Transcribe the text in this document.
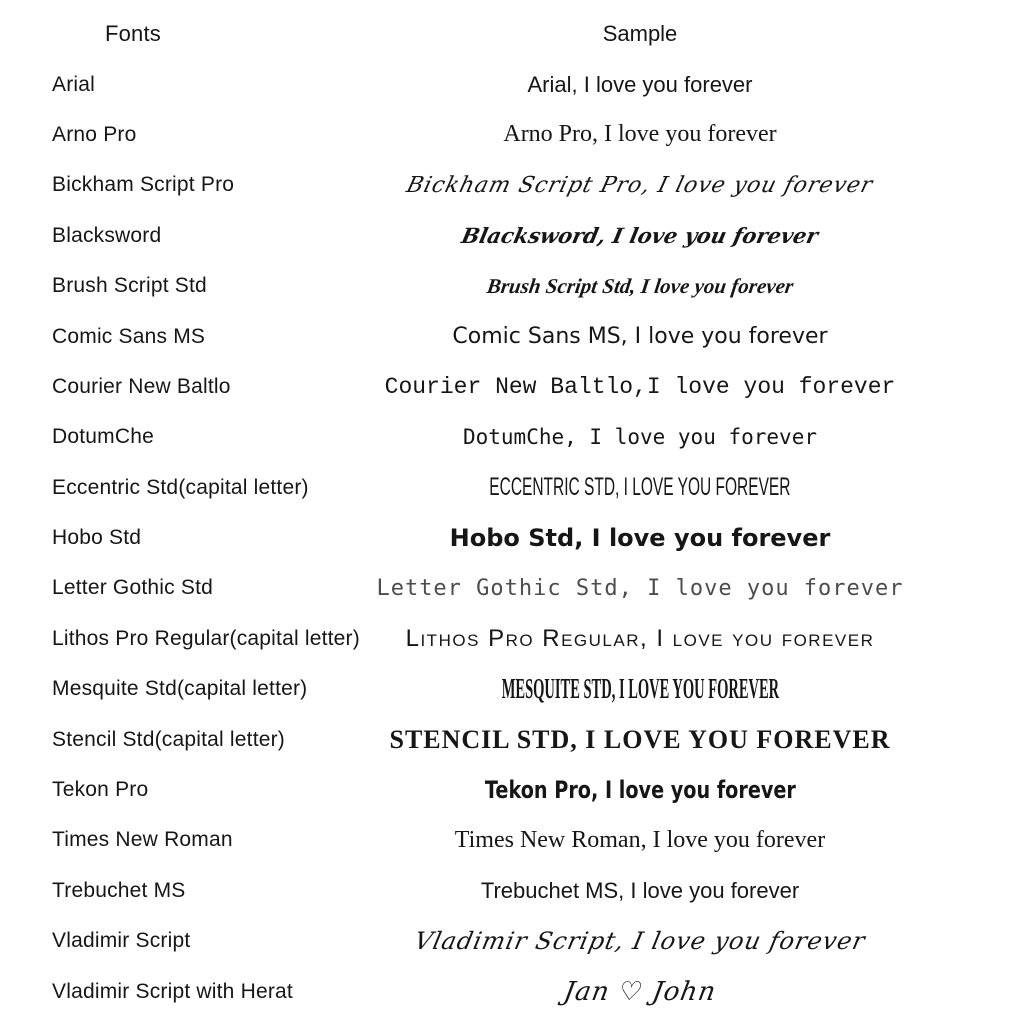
Fonts	Sample
Arial	Arial, I love you forever
Arno Pro	Arno Pro, I love you forever
Bickham Script Pro	Bickham Script Pro, I love you forever
Blacksword	Blacksword, I love you forever
Brush Script Std	Brush Script Std, I love you forever
Comic Sans MS	Comic Sans MS, I love you forever
Courier New Baltlo	Courier New Baltlo,I love you forever
DotumChe	DotumChe, I love you forever
Eccentric Std(capital letter)	ECCENTRIC STD, I LOVE YOU FOREVER
Hobo Std	Hobo Std, I love you forever
Letter Gothic Std	Letter Gothic Std, I love you forever
Lithos Pro Regular(capital letter)	Lithos Pro Regular, I love you forever
Mesquite Std(capital letter)	MESQUITE STD, I LOVE YOU FOREVER
Stencil Std(capital letter)	STENCIL STD, I LOVE YOU FOREVER
Tekon Pro	Tekon Pro, I love you forever
Times New Roman	Times New Roman, I love you forever
Trebuchet MS	Trebuchet MS, I love you forever
Vladimir Script	Vladimir Script, I love you forever
Vladimir Script with Herat	Jan ♡ John
